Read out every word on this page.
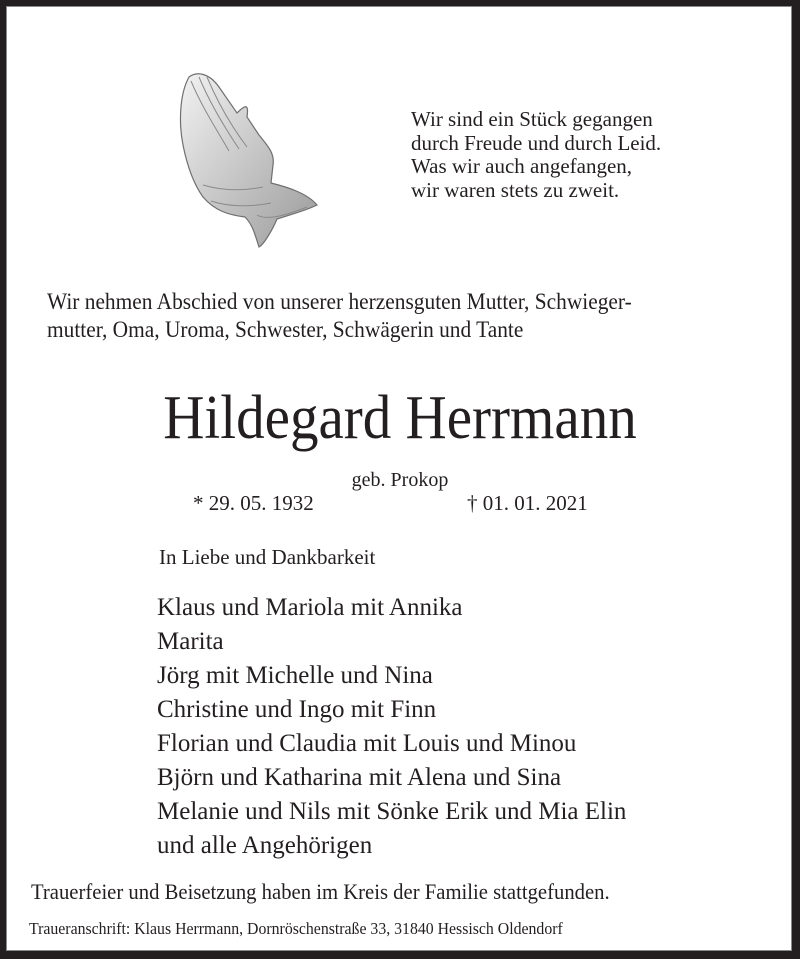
Wir sind ein Stück gegangen
durch Freude und durch Leid.
Was wir auch angefangen,
wir waren stets zu zweit.
Wir nehmen Abschied von unserer herzensguten Mutter, Schwieger-
mutter, Oma, Uroma, Schwester, Schwägerin und Tante
Hildegard Herrmann
geb. Prokop
* 29. 05. 1932	† 01. 01. 2021
In Liebe und Dankbarkeit
Klaus und Mariola mit Annika
Marita
Jörg mit Michelle und Nina
Christine und Ingo mit Finn
Florian und Claudia mit Louis und Minou
Björn und Katharina mit Alena und Sina
Melanie und Nils mit Sönke Erik und Mia Elin
und alle Angehörigen
Trauerfeier und Beisetzung haben im Kreis der Familie stattgefunden.
Traueranschrift: Klaus Herrmann, Dornröschenstraße 33, 31840 Hessisch Oldendorf
